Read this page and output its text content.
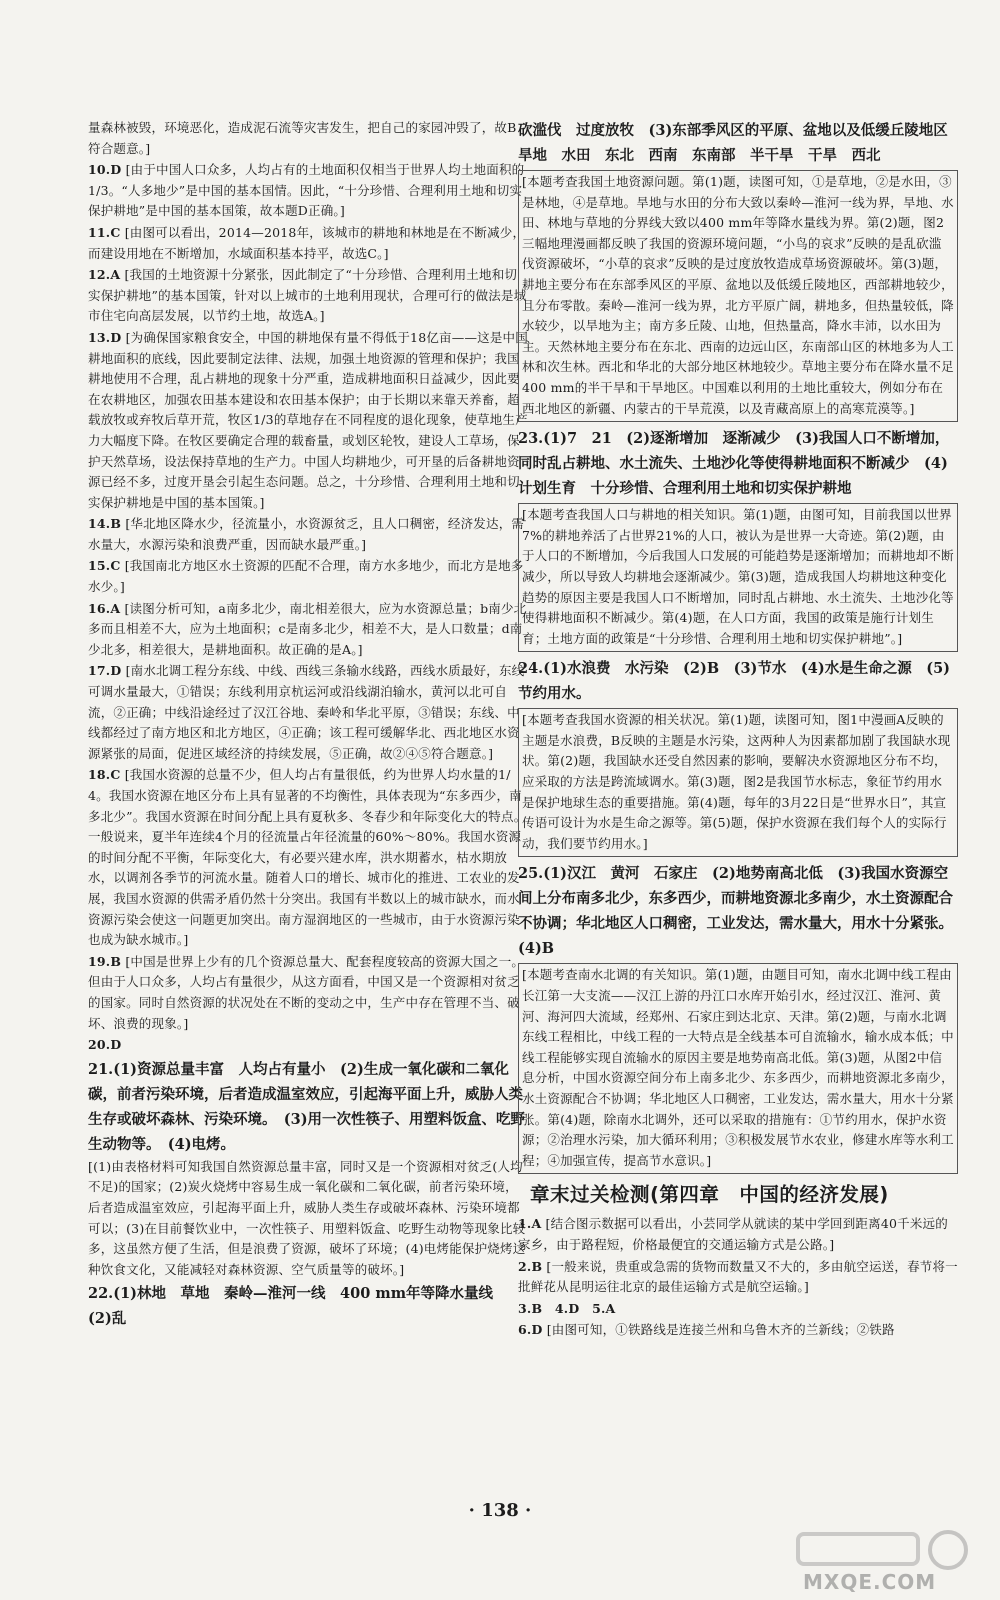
量森林被毁，环境恶化，造成泥石流等灾害发生，把自己的家园冲毁了，故B符合题意。]

10.D [由于中国人口众多，人均占有的土地面积仅相当于世界人均土地面积的1/3。“人多地少”是中国的基本国情。因此，“十分珍惜、合理利用土地和切实保护耕地”是中国的基本国策，故本题D正确。]

11.C [由图可以看出，2014—2018年，该城市的耕地和林地是在不断减少，而建设用地在不断增加，水域面积基本持平，故选C。]

12.A [我国的土地资源十分紧张，因此制定了“十分珍惜、合理利用土地和切实保护耕地”的基本国策，针对以上城市的土地利用现状，合理可行的做法是城市住宅向高层发展，以节约土地，故选A。]

13.D [为确保国家粮食安全，中国的耕地保有量不得低于18亿亩——这是中国耕地面积的底线，因此要制定法律、法规，加强土地资源的管理和保护；我国耕地使用不合理，乱占耕地的现象十分严重，造成耕地面积日益减少，因此要在农耕地区，加强农田基本建设和农田基本保护；由于长期以来靠天养畜，超载放牧或弃牧后草开荒，牧区1/3的草地存在不同程度的退化现象，使草地生产力大幅度下降。在牧区要确定合理的载畜量，或划区轮牧，建设人工草场，保护天然草场，设法保持草地的生产力。中国人均耕地少，可开垦的后备耕地资源已经不多，过度开垦会引起生态问题。总之，十分珍惜、合理利用土地和切实保护耕地是中国的基本国策。]

14.B [华北地区降水少，径流量小，水资源贫乏，且人口稠密，经济发达，需水量大，水源污染和浪费严重，因而缺水最严重。]

15.C [我国南北方地区水土资源的匹配不合理，南方水多地少，而北方是地多水少。]

16.A [读图分析可知，a南多北少，南北相差很大，应为水资源总量；b南少北多而且相差不大，应为土地面积；c是南多北少，相差不大，是人口数量；d南少北多，相差很大，是耕地面积。故正确的是A。]

17.D [南水北调工程分东线、中线、西线三条输水线路，西线水质最好，东线可调水量最大，①错误；东线利用京杭运河或沿线湖泊输水，黄河以北可自流，②正确；中线沿途经过了汉江谷地、秦岭和华北平原，③错误；东线、中线都经过了南方地区和北方地区，④正确；该工程可缓解华北、西北地区水资源紧张的局面，促进区域经济的持续发展，⑤正确，故②④⑤符合题意。]

18.C [我国水资源的总量不少，但人均占有量很低，约为世界人均水量的1/4。我国水资源在地区分布上具有显著的不均衡性，具体表现为“东多西少，南多北少”。我国水资源在时间分配上具有夏秋多、冬春少和年际变化大的特点。一般说来，夏半年连续4个月的径流量占年径流量的60%～80%。我国水资源的时间分配不平衡，年际变化大，有必要兴建水库，洪水期蓄水，枯水期放水，以调剂各季节的河流水量。随着人口的增长、城市化的推进、工农业的发展，我国水资源的供需矛盾仍然十分突出。我国有半数以上的城市缺水，而水资源污染会使这一问题更加突出。南方湿润地区的一些城市，由于水资源污染也成为缺水城市。]

19.B [中国是世界上少有的几个资源总量大、配套程度较高的资源大国之一。但由于人口众多，人均占有量很少，从这方面看，中国又是一个资源相对贫乏的国家。同时自然资源的状况处在不断的变动之中，生产中存在管理不当、破坏、浪费的现象。]

20.D

21.(1)资源总量丰富　人均占有量小　(2)生成一氧化碳和二氧化碳，前者污染环境，后者造成温室效应，引起海平面上升，威胁人类生存或破坏森林、污染环境。　(3)用一次性筷子、用塑料饭盒、吃野生动物等。　(4)电烤。

[(1)由表格材料可知我国自然资源总量丰富，同时又是一个资源相对贫乏(人均不足)的国家；(2)炭火烧烤中容易生成一氧化碳和二氧化碳，前者污染环境，后者造成温室效应，引起海平面上升，威胁人类生存或破坏森林、污染环境都可以；(3)在目前餐饮业中，一次性筷子、用塑料饭盒、吃野生动物等现象比较多，这虽然方便了生活，但是浪费了资源，破坏了环境；(4)电烤能保护烧烤这种饮食文化，又能减轻对森林资源、空气质量等的破坏。]

22.(1)林地　草地　秦岭—淮河一线　400 mm年等降水量线　(2)乱

砍滥伐　过度放牧　(3)东部季风区的平原、盆地以及低缓丘陵地区　旱地　水田　东北　西南　东南部　半干旱　干旱　西北

[本题考查我国土地资源问题。第(1)题，读图可知，①是草地，②是水田，③是林地，④是草地。旱地与水田的分布大致以秦岭—淮河一线为界，旱地、水田、林地与草地的分界线大致以400 mm年等降水量线为界。第(2)题，图2三幅地理漫画都反映了我国的资源环境问题，“小鸟的哀求”反映的是乱砍滥伐资源破坏，“小草的哀求”反映的是过度放牧造成草场资源破坏。第(3)题，耕地主要分布在东部季风区的平原、盆地以及低缓丘陵地区，西部耕地较少，且分布零散。秦岭—淮河一线为界，北方平原广阔，耕地多，但热量较低，降水较少，以旱地为主；南方多丘陵、山地，但热量高，降水丰沛，以水田为主。天然林地主要分布在东北、西南的边远山区，东南部山区的林地多为人工林和次生林。西北和华北的大部分地区林地较少。草地主要分布在降水量不足400 mm的半干旱和干旱地区。中国难以利用的土地比重较大，例如分布在西北地区的新疆、内蒙古的干旱荒漠，以及青藏高原上的高寒荒漠等。]

23.(1)7　21　(2)逐渐增加　逐渐减少　(3)我国人口不断增加，同时乱占耕地、水土流失、土地沙化等使得耕地面积不断减少　(4)计划生育　十分珍惜、合理利用土地和切实保护耕地

[本题考查我国人口与耕地的相关知识。第(1)题，由图可知，目前我国以世界7%的耕地养活了占世界21%的人口，被认为是世界一大奇迹。第(2)题，由于人口的不断增加，今后我国人口发展的可能趋势是逐渐增加；而耕地却不断减少，所以导致人均耕地会逐渐减少。第(3)题，造成我国人均耕地这种变化趋势的原因主要是我国人口不断增加，同时乱占耕地、水土流失、土地沙化等使得耕地面积不断减少。第(4)题，在人口方面，我国的政策是施行计划生育；土地方面的政策是“十分珍惜、合理利用土地和切实保护耕地”。]

24.(1)水浪费　水污染　(2)B　(3)节水　(4)水是生命之源　(5)节约用水。

[本题考查我国水资源的相关状况。第(1)题，读图可知，图1中漫画A反映的主题是水浪费，B反映的主题是水污染，这两种人为因素都加剧了我国缺水现状。第(2)题，我国缺水还受自然因素的影响，要解决水资源地区分布不均，应采取的方法是跨流域调水。第(3)题，图2是我国节水标志，象征节约用水是保护地球生态的重要措施。第(4)题，每年的3月22日是“世界水日”，其宣传语可设计为水是生命之源等。第(5)题，保护水资源在我们每个人的实际行动，我们要节约用水。]

25.(1)汉江　黄河　石家庄　(2)地势南高北低　(3)我国水资源空间上分布南多北少，东多西少，而耕地资源北多南少，水土资源配合不协调；华北地区人口稠密，工业发达，需水量大，用水十分紧张。　(4)B

[本题考查南水北调的有关知识。第(1)题，由题目可知，南水北调中线工程由长江第一大支流——汉江上游的丹江口水库开始引水，经过汉江、淮河、黄河、海河四大流域，经郑州、石家庄到达北京、天津。第(2)题，与南水北调东线工程相比，中线工程的一大特点是全线基本可自流输水，输水成本低；中线工程能够实现自流输水的原因主要是地势南高北低。第(3)题，从图2中信息分析，中国水资源空间分布上南多北少、东多西少，而耕地资源北多南少，水土资源配合不协调；华北地区人口稠密，工业发达，需水量大，用水十分紧张。第(4)题，除南水北调外，还可以采取的措施有：①节约用水，保护水资源；②治理水污染，加大循环利用；③积极发展节水农业，修建水库等水利工程；④加强宣传，提高节水意识。]

章末过关检测(第四章　中国的经济发展)

1.A [结合图示数据可以看出，小芸同学从就读的某中学回到距离40千米远的家乡，由于路程短，价格最便宜的交通运输方式是公路。]

2.B [一般来说，贵重或急需的货物而数量又不大的，多由航空运送，春节将一批鲜花从昆明运往北京的最佳运输方式是航空运输。]

3.B　4.D　5.A

6.D [由图可知，①铁路线是连接兰州和乌鲁木齐的兰新线；②铁路

· 138 ·
MXQE.COM
